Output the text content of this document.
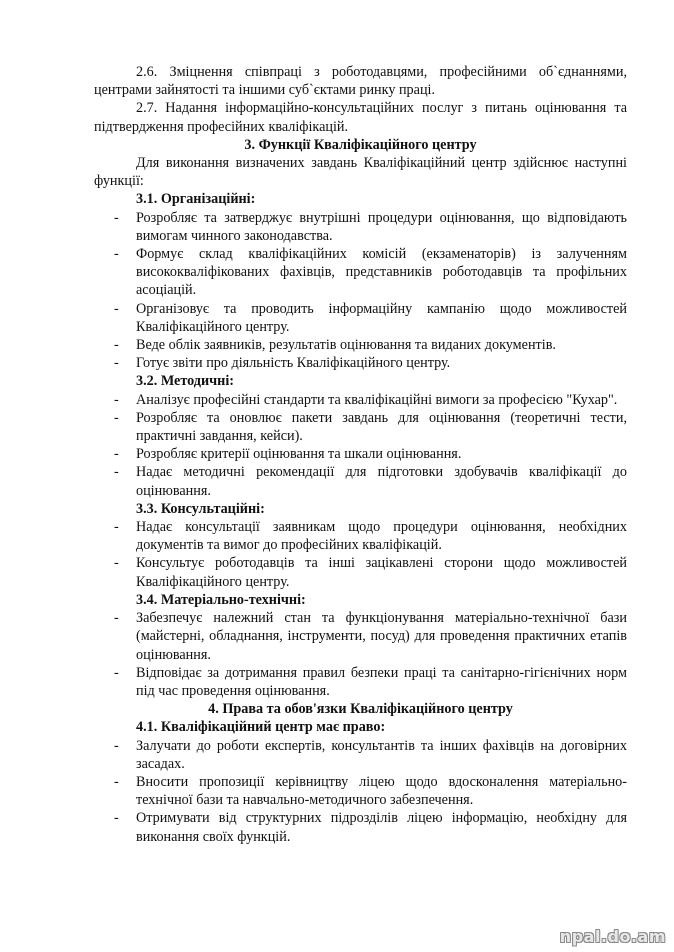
2.6. Зміцнення співпраці з роботодавцями, професійними об`єднаннями, центрами зайнятості та іншими суб`єктами ринку праці.

2.7. Надання інформаційно-консультаційних послуг з питань оцінювання та підтвердження професійних кваліфікацій.

3. Функції Кваліфікаційного центру

Для виконання визначених завдань Кваліфікаційний центр здійснює наступні функції:

3.1. Організаційні:

- Розробляє та затверджує внутрішні процедури оцінювання, що відповідають вимогам чинного законодавства.
- Формує склад кваліфікаційних комісій (екзаменаторів) із залученням висококваліфікованих фахівців, представників роботодавців та профільних асоціацій.
- Організовує та проводить інформаційну кампанію щодо можливостей Кваліфікаційного центру.
- Веде облік заявників, результатів оцінювання та виданих документів.
- Готує звіти про діяльність Кваліфікаційного центру.

3.2. Методичні:

- Аналізує професійні стандарти та кваліфікаційні вимоги за професією "Кухар".
- Розробляє та оновлює пакети завдань для оцінювання (теоретичні тести, практичні завдання, кейси).
- Розробляє критерії оцінювання та шкали оцінювання.
- Надає методичні рекомендації для підготовки здобувачів кваліфікації до оцінювання.

3.3. Консультаційні:

- Надає консультації заявникам щодо процедури оцінювання, необхідних документів та вимог до професійних кваліфікацій.
- Консультує роботодавців та інші зацікавлені сторони щодо можливостей Кваліфікаційного центру.

3.4. Матеріально-технічні:

- Забезпечує належний стан та функціонування матеріально-технічної бази (майстерні, обладнання, інструменти, посуд) для проведення практичних етапів оцінювання.
- Відповідає за дотримання правил безпеки праці та санітарно-гігієнічних норм під час проведення оцінювання.

4. Права та обов'язки Кваліфікаційного центру

4.1. Кваліфікаційний центр має право:

- Залучати до роботи експертів, консультантів та інших фахівців на договірних засадах.
- Вносити пропозиції керівництву ліцею щодо вдосконалення матеріально-технічної бази та навчально-методичного забезпечення.
- Отримувати від структурних підрозділів ліцею інформацію, необхідну для виконання своїх функцій.
npal.do.am
